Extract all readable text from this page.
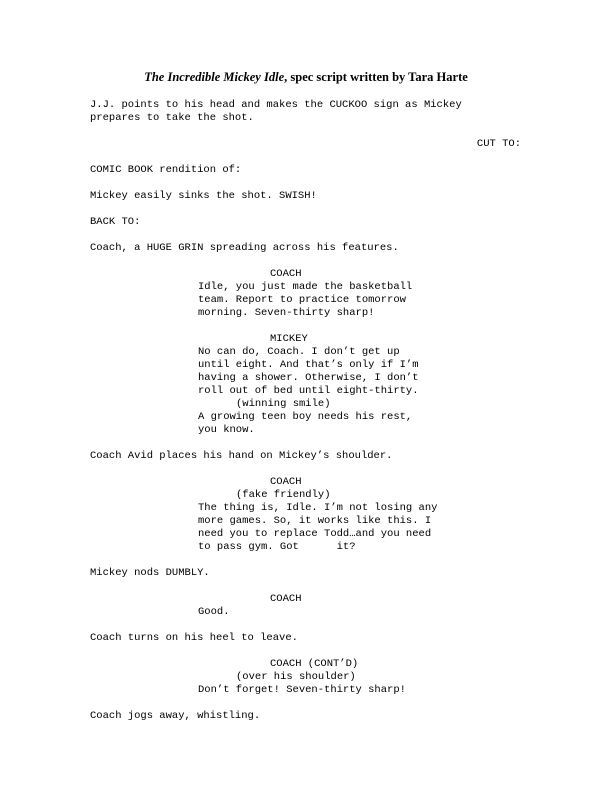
The Incredible Mickey Idle, spec script written by Tara Harte
J.J. points to his head and makes the CUCKOO sign as Mickey
prepares to take the shot.
CUT TO:
COMIC BOOK rendition of:
Mickey easily sinks the shot. SWISH!
BACK TO:
Coach, a HUGE GRIN spreading across his features.
COACH
Idle, you just made the basketball
team. Report to practice tomorrow
morning. Seven-thirty sharp!
MICKEY
No can do, Coach. I don’t get up
until eight. And that’s only if I’m
having a shower. Otherwise, I don’t
roll out of bed until eight-thirty.
(winning smile)
A growing teen boy needs his rest,
you know.
Coach Avid places his hand on Mickey’s shoulder.
COACH
(fake friendly)
The thing is, Idle. I’m not losing any
more games. So, it works like this. I
need you to replace Todd…and you need
to pass gym. Got      it?
Mickey nods DUMBLY.
COACH
Good.
Coach turns on his heel to leave.
COACH (CONT’D)
(over his shoulder)
Don’t forget! Seven-thirty sharp!
Coach jogs away, whistling.
